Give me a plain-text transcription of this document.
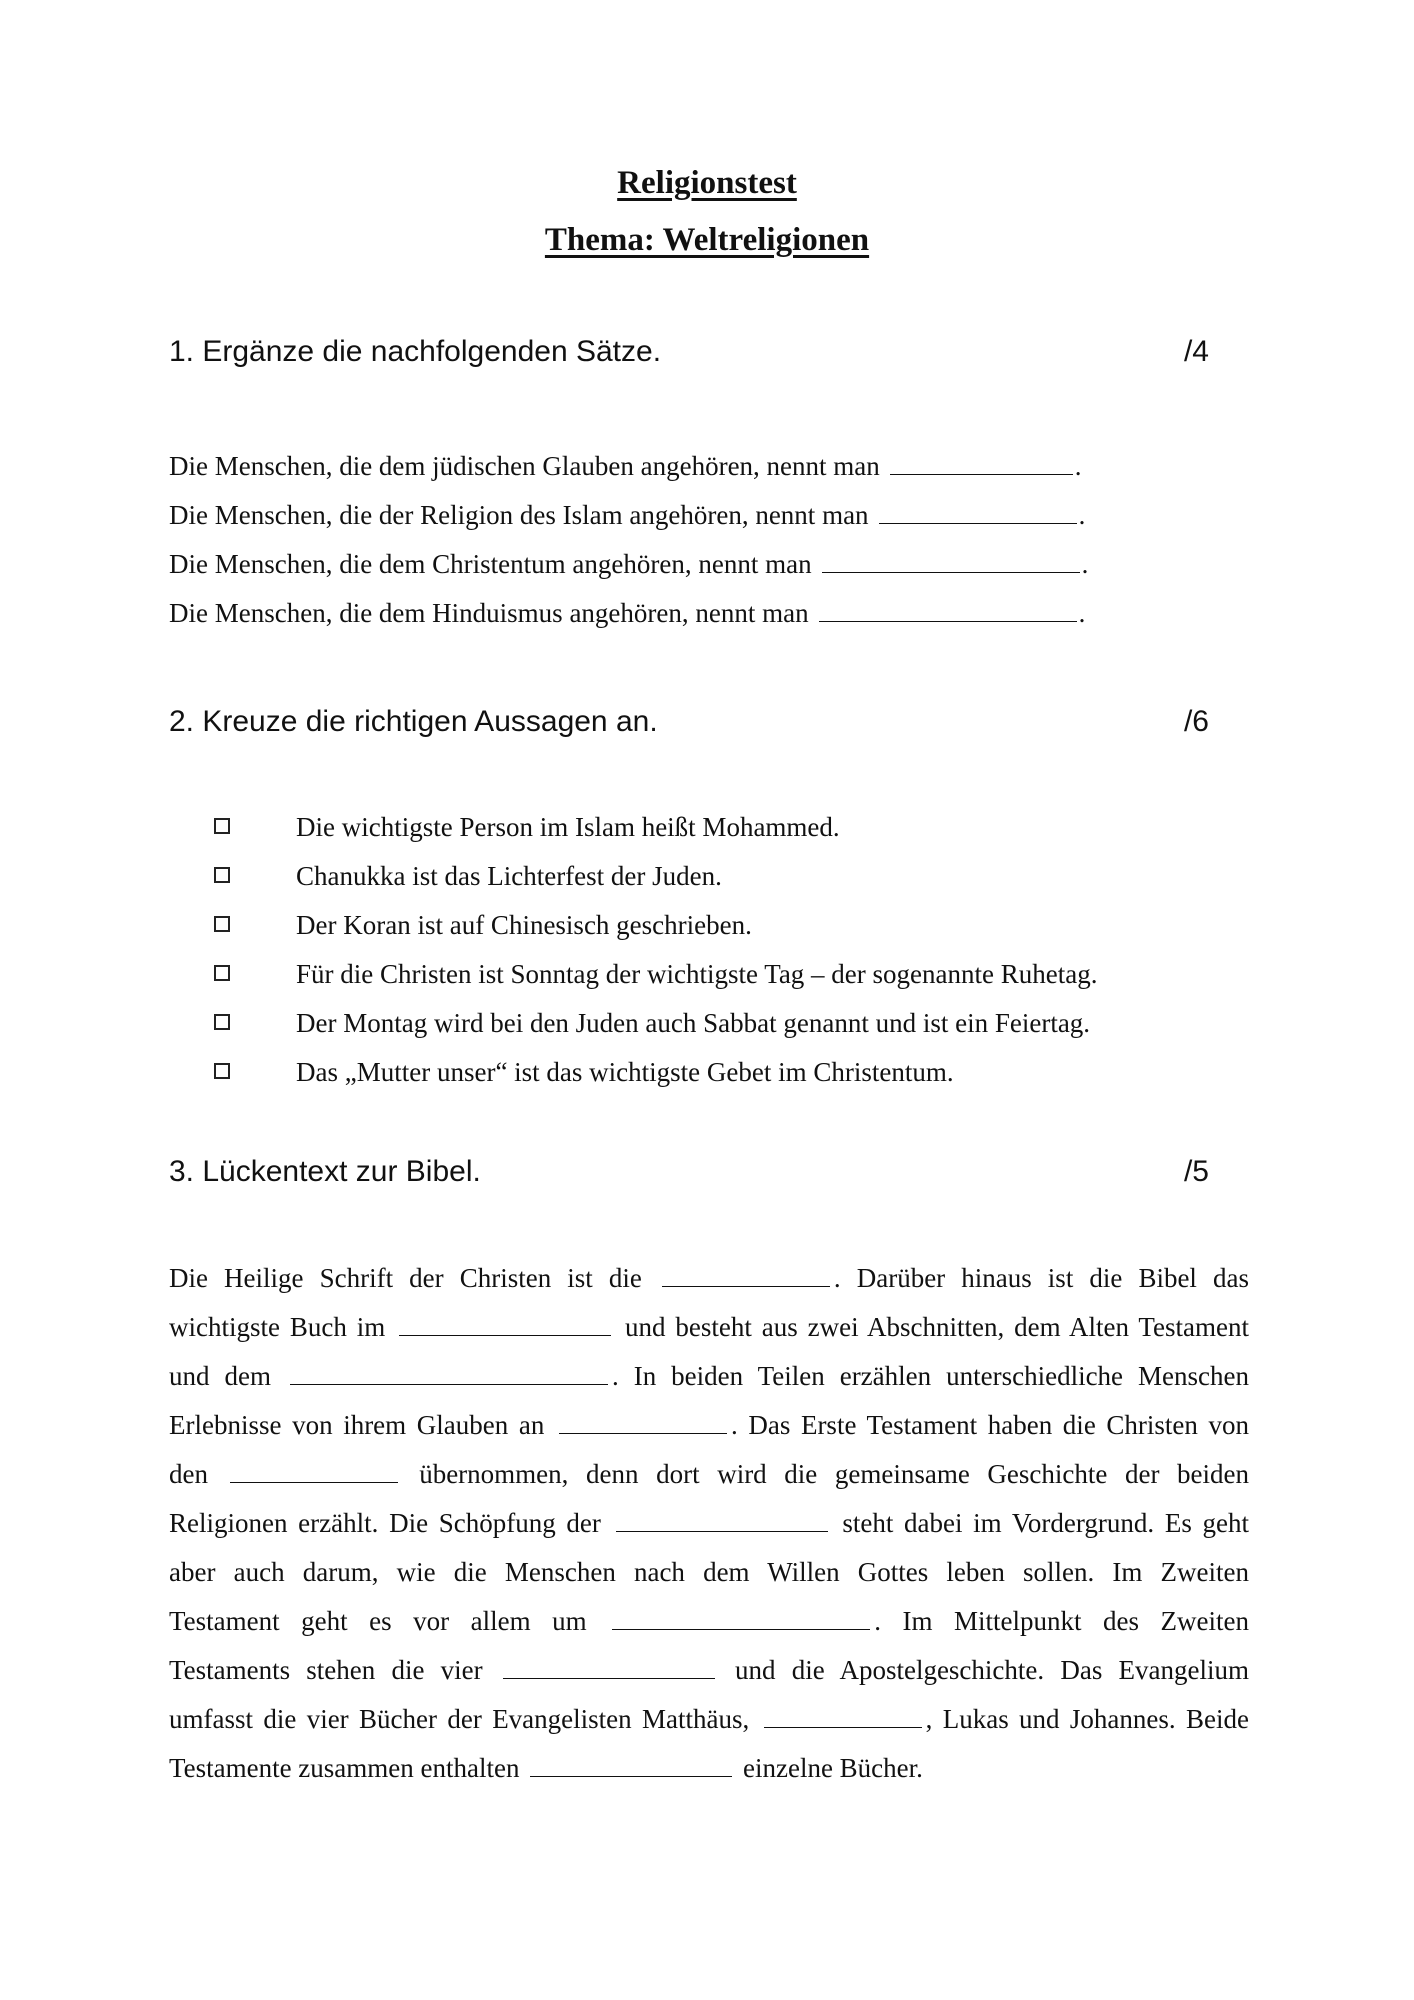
Religionstest
Thema: Weltreligionen
1. Ergänze die nachfolgenden Sätze.	/4
Die Menschen, die dem jüdischen Glauben angehören, nennt man	.
Die Menschen, die der Religion des Islam angehören, nennt man	.
Die Menschen, die dem Christentum angehören, nennt man	.
Die Menschen, die dem Hinduismus angehören, nennt man	.
2. Kreuze die richtigen Aussagen an.	/6
Die wichtigste Person im Islam heißt Mohammed.
Chanukka ist das Lichterfest der Juden.
Der Koran ist auf Chinesisch geschrieben.
Für die Christen ist Sonntag der wichtigste Tag – der sogenannte Ruhetag.
Der Montag wird bei den Juden auch Sabbat genannt und ist ein Feiertag.
Das „Mutter unser“ ist das wichtigste Gebet im Christentum.
3. Lückentext zur Bibel.	/5
Die Heilige Schrift der Christen ist die	. Darüber hinaus ist die Bibel das
wichtigste Buch im	und besteht aus zwei Abschnitten, dem Alten Testament
und dem	. In beiden Teilen erzählen unterschiedliche Menschen
Erlebnisse von ihrem Glauben an	. Das Erste Testament haben die Christen von
den	übernommen, denn dort wird die gemeinsame Geschichte der beiden
Religionen erzählt. Die Schöpfung der	steht dabei im Vordergrund. Es geht
aber auch darum, wie die Menschen nach dem Willen Gottes leben sollen. Im Zweiten
Testament geht es vor allem um	. Im Mittelpunkt des Zweiten
Testaments stehen die vier	und die Apostelgeschichte. Das Evangelium
umfasst die vier Bücher der Evangelisten Matthäus,	, Lukas und Johannes. Beide
Testamente zusammen enthalten	einzelne Bücher.
